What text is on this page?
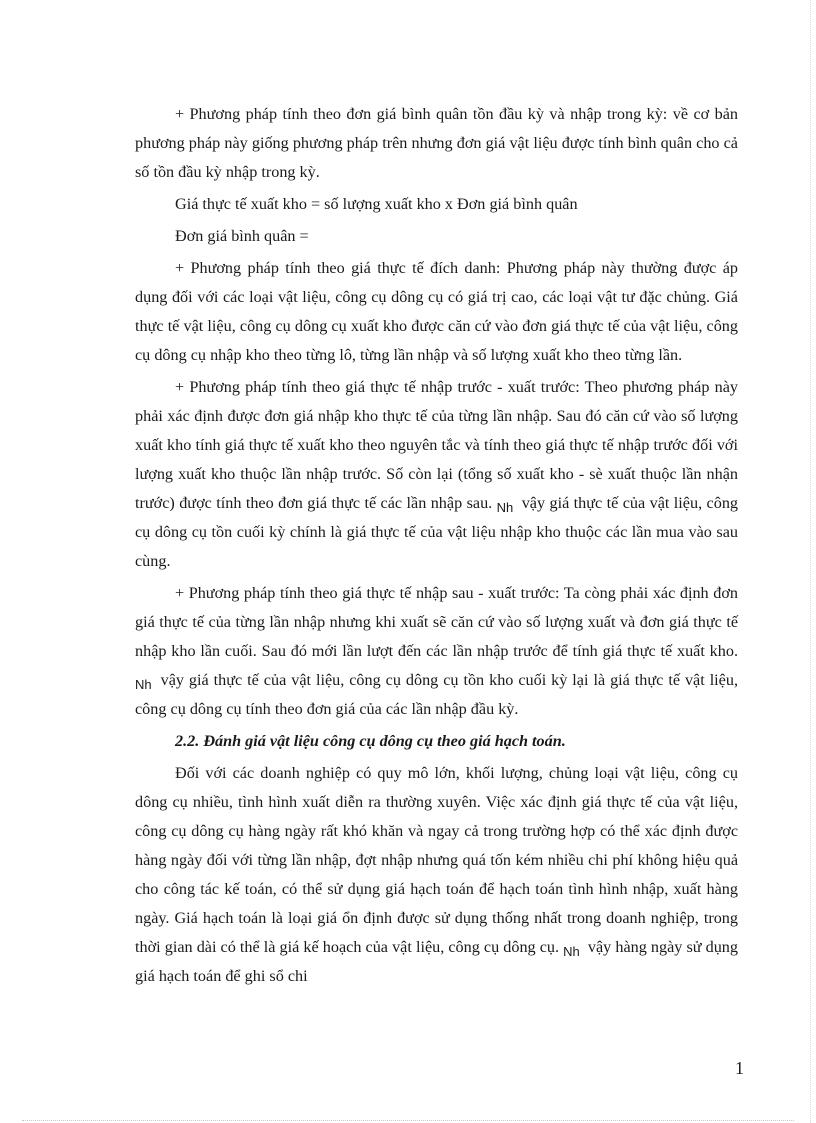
+ Phương pháp tính theo đơn giá bình quân tồn đầu kỳ và nhập trong kỳ: về cơ bản phương pháp này giống phương pháp trên nhưng đơn giá vật liệu được tính bình quân cho cả số tồn đầu kỳ nhập trong kỳ.

Giá thực tế xuất kho = số lượng xuất kho x Đơn giá bình quân

Đơn giá bình quân =

+ Phương pháp tính theo giá thực tế đích danh: Phương pháp này thường được áp dụng đối với các loại vật liệu, công cụ dông cụ có giá trị cao, các loại vật tư đặc chủng. Giá thực tế vật liệu, công cụ dông cụ xuất kho được căn cứ vào đơn giá thực tế của vật liệu, công cụ dông cụ nhập kho theo từng lô, từng lần nhập và số lượng xuất kho theo từng lần.

+ Phương pháp tính theo giá thực tế nhập trước - xuất trước: Theo phương pháp này phải xác định được đơn giá nhập kho thực tế của từng lần nhập. Sau đó căn cứ vào số lượng xuất kho tính giá thực tế xuất kho theo nguyên tắc và tính theo giá thực tế nhập trước đối với lượng xuất kho thuộc lần nhập trước. Số còn lại (tổng số xuất kho - sè xuất thuộc lần nhận trước) được tính theo đơn giá thực tế các lần nhập sau. $_{Nh}$ vậy giá thực tế của vật liệu, công cụ dông cụ tồn cuối kỳ chính là giá thực tế của vật liệu nhập kho thuộc các lần mua vào sau cùng.

+ Phương pháp tính theo giá thực tế nhập sau - xuất trước: Ta còng phải xác định đơn giá thực tế của từng lần nhập nhưng khi xuất sẽ căn cứ vào số lượng xuất và đơn giá thực tế nhập kho lần cuối. Sau đó mới lần lượt đến các lần nhập trước để tính giá thực tế xuất kho. $_{Nh}$ vậy giá thực tế của vật liệu, công cụ dông cụ tồn kho cuối kỳ lại là giá thực tế vật liệu, công cụ dông cụ tính theo đơn giá của các lần nhập đầu kỳ.

2.2. Đánh giá vật liệu công cụ dông cụ theo giá hạch toán.

Đối với các doanh nghiệp có quy mô lớn, khối lượng, chủng loại vật liệu, công cụ dông cụ nhiều, tình hình xuất diễn ra thường xuyên. Việc xác định giá thực tế của vật liệu, công cụ dông cụ hàng ngày rất khó khăn và ngay cả trong trường hợp có thể xác định được hàng ngày đối với từng lần nhập, đợt nhập nhưng quá tốn kém nhiều chi phí không hiệu quả cho công tác kế toán, có thể sử dụng giá hạch toán để hạch toán tình hình nhập, xuất hàng ngày. Giá hạch toán là loại giá ổn định được sử dụng thống nhất trong doanh nghiệp, trong thời gian dài có thể là giá kế hoạch của vật liệu, công cụ dông cụ. $_{Nh}$ vậy hàng ngày sử dụng giá hạch toán để ghi sổ chi

1
